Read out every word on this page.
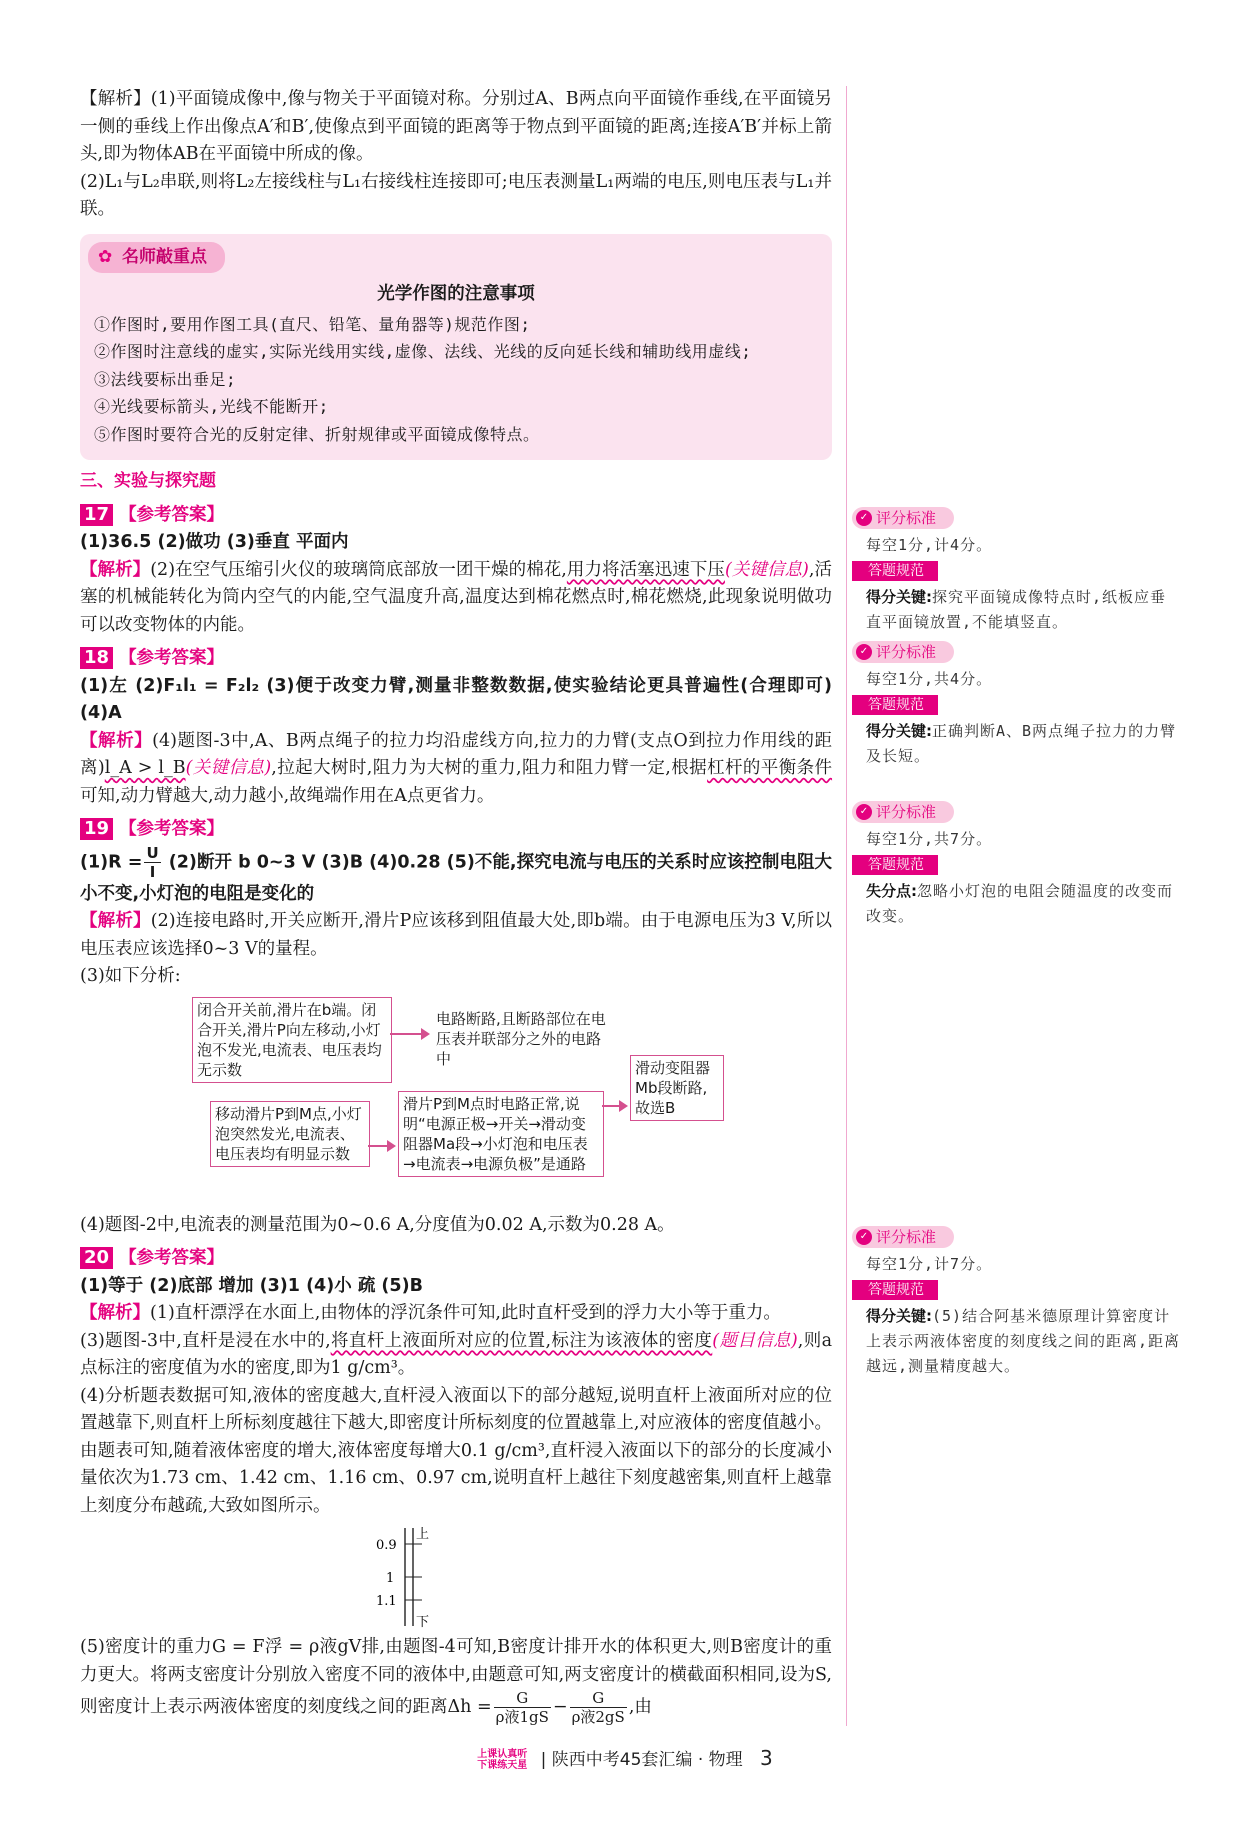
【解析】(1)平面镜成像中,像与物关于平面镜对称。分别过A、B两点向平面镜作垂线,在平面镜另一侧的垂线上作出像点A′和B′,使像点到平面镜的距离等于物点到平面镜的距离;连接A′B′并标上箭头,即为物体AB在平面镜中所成的像。

(2)L₁与L₂串联,则将L₂左接线柱与L₁右接线柱连接即可;电压表测量L₁两端的电压,则电压表与L₁并联。

✿ 名师敲重点
光学作图的注意事项

①作图时,要用作图工具(直尺、铅笔、量角器等)规范作图;

②作图时注意线的虚实,实际光线用实线,虚像、法线、光线的反向延长线和辅助线用虚线;

③法线要标出垂足;

④光线要标箭头,光线不能断开;

⑤作图时要符合光的反射定律、折射规律或平面镜成像特点。

三、实验与探究题
17 【参考答案】

(1)36.5 (2)做功 (3)垂直 平面内

【解析】(2)在空气压缩引火仪的玻璃筒底部放一团干燥的棉花,用力将活塞迅速下压(关键信息),活塞的机械能转化为筒内空气的内能,空气温度升高,温度达到棉花燃点时,棉花燃烧,此现象说明做功可以改变物体的内能。

18 【参考答案】

(1)左 (2)F₁l₁ = F₂l₂ (3)便于改变力臂,测量非整数数据,使实验结论更具普遍性(合理即可) (4)A

【解析】(4)题图-3中,A、B两点绳子的拉力均沿虚线方向,拉力的力臂(支点O到拉力作用线的距离)l_A > l_B(关键信息),拉起大树时,阻力为大树的重力,阻力和阻力臂一定,根据杠杆的平衡条件可知,动力臂越大,动力越小,故绳端作用在A点更省力。

19 【参考答案】

$(1)R = \frac{U}{I} (2)$断开 b 0~3 V (3)B (4)0.28 (5)不能,探究电流与电压的关系时应该控制电阻大小不变,小灯泡的电阻是变化的

【解析】(2)连接电路时,开关应断开,滑片P应该移到阻值最大处,即b端。由于电源电压为3 V,所以电压表应该选择0~3 V的量程。

(3)如下分析:

闭合开关前,滑片在b端。闭合开关,滑片P向左移动,小灯泡不发光,电流表、电压表均无示数
电路断路,且断路部位在电压表并联部分之外的电路中
移动滑片P到M点,小灯泡突然发光,电流表、电压表均有明显示数
滑片P到M点时电路正常,说明“电源正极→开关→滑动变阻器Ma段→小灯泡和电压表→电流表→电源负极”是通路
滑动变阻器Mb段断路,故选B

(4)题图-2中,电流表的测量范围为0~0.6 A,分度值为0.02 A,示数为0.28 A。

20 【参考答案】

(1)等于 (2)底部 增加 (3)1 (4)小 疏 (5)B

【解析】(1)直杆漂浮在水面上,由物体的浮沉条件可知,此时直杆受到的浮力大小等于重力。

(3)题图-3中,直杆是浸在水中的,将直杆上液面所对应的位置,标注为该液体的密度(题目信息),则a点标注的密度值为水的密度,即为1 g/cm³。

(4)分析题表数据可知,液体的密度越大,直杆浸入液面以下的部分越短,说明直杆上液面所对应的位置越靠下,则直杆上所标刻度越往下越大,即密度计所标刻度的位置越靠上,对应液体的密度值越小。由题表可知,随着液体密度的增大,液体密度每增大0.1 g/cm³,直杆浸入液面以下的部分的长度减小量依次为1.73 cm、1.42 cm、1.16 cm、0.97 cm,说明直杆上越往下刻度越密集,则直杆上越靠上刻度分布越疏,大致如图所示。

上
下
0.9
1
1.1

(5)密度计的重力G = F浮 = ρ液gV排,由题图-4可知,B密度计排开水的体积更大,则B密度计的重力更大。将两支密度计分别放入密度不同的液体中,由题意可知,两支密度计的横截面积相同,设为S,则密度计上表示两液体密度的刻度线之间的距离$\Delta h = \frac{G}{\text{ρ液1gS}} - \frac{G}{\text{ρ液2gS}}$ ,由

✓ 评分标准

每空1分,计4分。

答题规范

得分关键:探究平面镜成像特点时,纸板应垂直平面镜放置,不能填竖直。

✓ 评分标准

每空1分,共4分。

答题规范

得分关键:正确判断A、B两点绳子拉力的力臂及长短。

✓ 评分标准

每空1分,共7分。

答题规范

失分点:忽略小灯泡的电阻会随温度的改变而改变。

✓ 评分标准

每空1分,计7分。

答题规范

得分关键:(5)结合阿基米德原理计算密度计上表示两液体密度的刻度线之间的距离,距离越远,测量精度越大。

上课认真听
下课练天星 | 陕西中考45套汇编 · 物理 3
